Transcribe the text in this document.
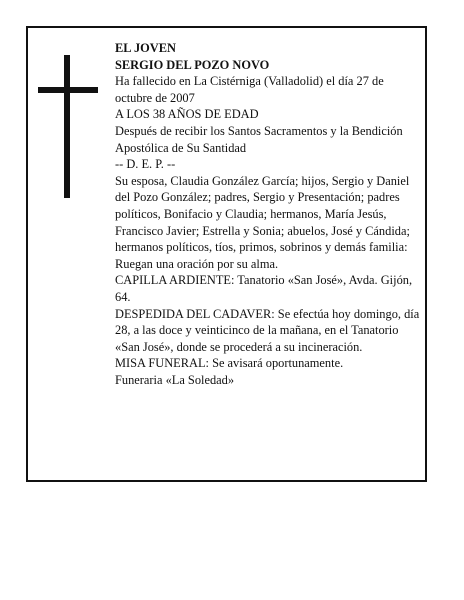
EL JOVEN
SERGIO DEL POZO NOVO
Ha fallecido en La Cistérniga (Valladolid) el día 27 de octubre de 2007
A LOS 38 AÑOS DE EDAD
Después de recibir los Santos Sacramentos y la Bendición Apostólica de Su Santidad
-- D. E. P. --
Su esposa, Claudia González García; hijos, Sergio y Daniel del Pozo González; padres, Sergio y Presentación; padres políticos, Bonifacio y Claudia; hermanos, María Jesús, Francisco Javier; Estrella y Sonia; abuelos, José y Cándida; hermanos políticos, tíos, primos, sobrinos y demás familia:
Ruegan una oración por su alma.
CAPILLA ARDIENTE: Tanatorio «San José», Avda. Gijón, 64.
DESPEDIDA DEL CADAVER: Se efectúa hoy domingo, día 28, a las doce y veinticinco de la mañana, en el Tanatorio «San José», donde se procederá a su incineración.
MISA FUNERAL: Se avisará oportunamente.
Funeraria «La Soledad»
